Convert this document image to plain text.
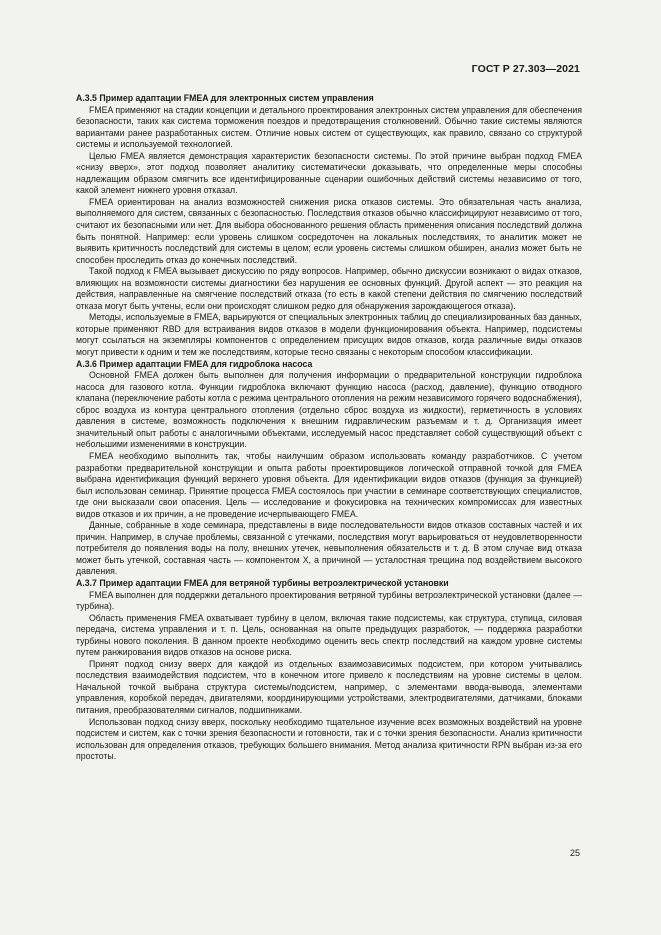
ГОСТ Р 27.303—2021
А.3.5 Пример адаптации FMEA для электронных систем управления

FMEA применяют на стадии концепции и детального проектирования электронных систем управления для обеспечения безопасности, таких как система торможения поездов и предотвращения столкновений. Обычно такие системы являются вариантами ранее разработанных систем. Отличие новых систем от существующих, как правило, связано со структурой системы и используемой технологией.

Целью FMEA является демонстрация характеристик безопасности системы. По этой причине выбран подход FMEA «снизу вверх», этот подход позволяет аналитику систематически доказывать, что определенные меры способны надлежащим образом смягчить все идентифицированные сценарии ошибочных действий системы независимо от того, какой элемент нижнего уровня отказал.

FMEA ориентирован на анализ возможностей снижения риска отказов системы. Это обязательная часть анализа, выполняемого для систем, связанных с безопасностью. Последствия отказов обычно классифицируют независимо от того, считают их безопасными или нет. Для выбора обоснованного решения область применения описания последствий должна быть понятной. Например: если уровень слишком сосредоточен на локальных последствиях, то аналитик может не выявить критичность последствий для системы в целом; если уровень системы слишком обширен, анализ может быть не способен проследить отказ до конечных последствий.

Такой подход к FMEA вызывает дискуссию по ряду вопросов. Например, обычно дискуссии возникают о видах отказов, влияющих на возможности системы диагностики без нарушения ее основных функций. Другой аспект — это реакция на действия, направленные на смягчение последствий отказа (то есть в какой степени действия по смягчению последствий отказа могут быть учтены, если они происходят слишком редко для обнаружения зарождающегося отказа).

Методы, используемые в FMEA, варьируются от специальных электронных таблиц до специализированных баз данных, которые применяют RBD для встраивания видов отказов в модели функционирования объекта. Например, подсистемы могут ссылаться на экземпляры компонентов с определением присущих видов отказов, когда различные виды отказов могут привести к одним и тем же последствиям, которые тесно связаны с некоторым способом классификации.

А.3.6 Пример адаптации FMEA для гидроблока насоса

Основной FMEA должен быть выполнен для получения информации о предварительной конструкции гидроблока насоса для газового котла. Функции гидроблока включают функцию насоса (расход, давление), функцию отводного клапана (переключение работы котла с режима центрального отопления на режим независимого горячего водоснабжения), сброс воздуха из контура центрального отопления (отдельно сброс воздуха из жидкости), герметичность в условиях давления в системе, возможность подключения к внешним гидравлическим разъемам и т. д. Организация имеет значительный опыт работы с аналогичными объектами, исследуемый насос представляет собой существующий объект с небольшими изменениями в конструкции.

FMEA необходимо выполнить так, чтобы наилучшим образом использовать команду разработчиков. С учетом разработки предварительной конструкции и опыта работы проектировщиков логической отправной точкой для FMEA выбрана идентификация функций верхнего уровня объекта. Для идентификации видов отказов (функция за функцией) был использован семинар. Принятие процесса FMEA состоялось при участии в семинаре соответствующих специалистов, где они высказали свои опасения. Цель — исследование и фокусировка на технических компромиссах для известных видов отказов и их причин, а не проведение исчерпывающего FMEA.

Данные, собранные в ходе семинара, представлены в виде последовательности видов отказов составных частей и их причин. Например, в случае проблемы, связанной с утечками, последствия могут варьироваться от неудовлетворенности потребителя до появления воды на полу, внешних утечек, невыполнения обязательств и т. д. В этом случае вид отказа может быть утечкой, составная часть — компонентом Х, а причиной — усталостная трещина под воздействием высокого давления.

А.3.7 Пример адаптации FMEA для ветряной турбины ветроэлектрической установки

FMEA выполнен для поддержки детального проектирования ветряной турбины ветроэлектрической установки (далее — турбина).

Область применения FMEA охватывает турбину в целом, включая такие подсистемы, как структура, ступица, силовая передача, система управления и т. п. Цель, основанная на опыте предыдущих разработок, — поддержка разработки турбины нового поколения. В данном проекте необходимо оценить весь спектр последствий на каждом уровне системы путем ранжирования видов отказов на основе риска.

Принят подход снизу вверх для каждой из отдельных взаимозависимых подсистем, при котором учитывались последствия взаимодействия подсистем, что в конечном итоге привело к последствиям на уровне системы в целом. Начальной точкой выбрана структура системы/подсистем, например, с элементами ввода-вывода, элементами управления, коробкой передач, двигателями, координирующими устройствами, электродвигателями, датчиками, блоками питания, преобразователями сигналов, подшипниками.

Использован подход снизу вверх, поскольку необходимо тщательное изучение всех возможных воздействий на уровне подсистем и систем, как с точки зрения безопасности и готовности, так и с точки зрения безопасности. Анализ критичности использован для определения отказов, требующих большего внимания. Метод анализа критичности RPN выбран из-за его простоты.

25
